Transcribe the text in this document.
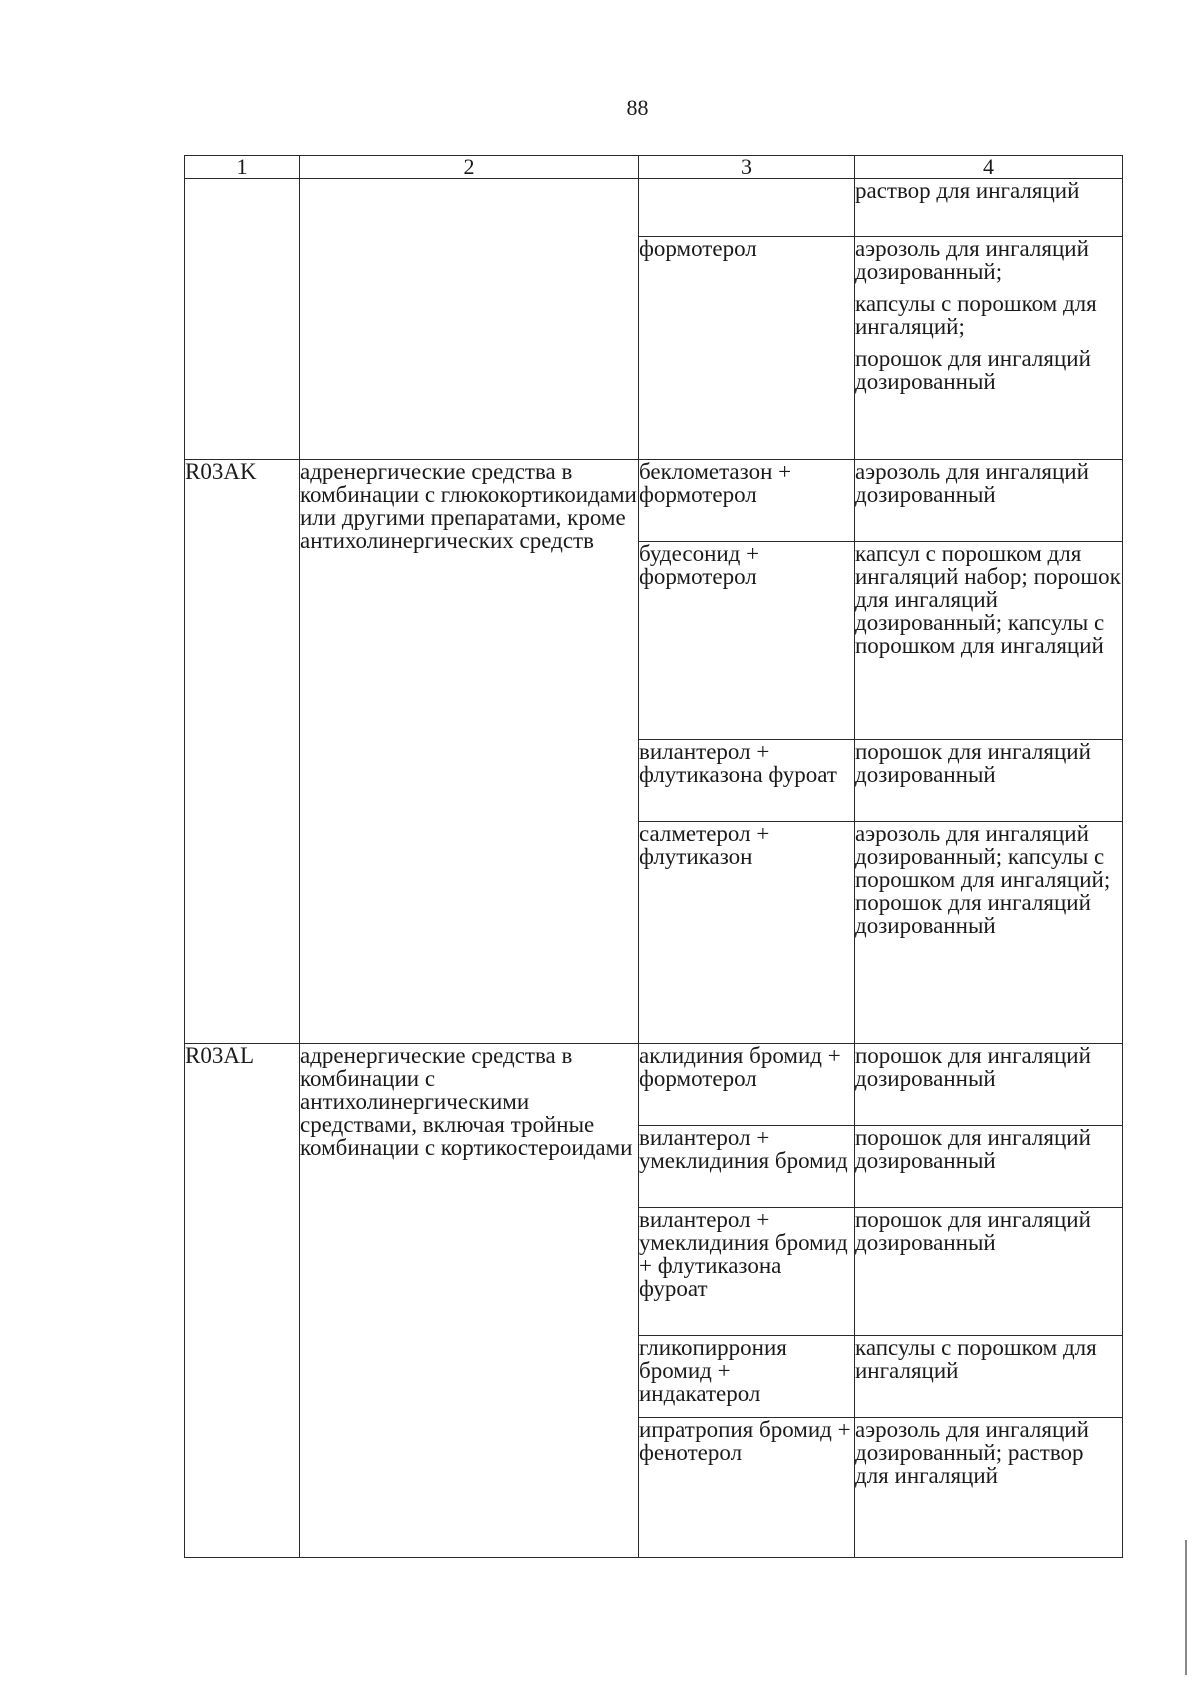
88
1	2	3	4

			раствор для ингаляций

		формотерол	аэрозоль для ингаляций дозированный;
капсулы с порошком для ингаляций;
порошок для ингаляций дозированный

R03AK	адренергические средства в комбинации с глюкокортикоидами или другими препаратами, кроме антихолинергических средств	беклометазон + формотерол	аэрозоль для ингаляций дозированный
		будесонид + формотерол	капсул с порошком для ингаляций набор; порошок для ингаляций дозированный; капсулы с порошком для ингаляций
		вилантерол + флутиказона фуроат	порошок для ингаляций дозированный
		салметерол + флутиказон	аэрозоль для ингаляций дозированный; капсулы с порошком для ингаляций; порошок для ингаляций дозированный
R03AL	адренергические средства в комбинации с антихолинергическими средствами, включая тройные комбинации с кортикостероидами	аклидиния бромид + формотерол	порошок для ингаляций дозированный
		вилантерол + умеклидиния бромид	порошок для ингаляций дозированный
		вилантерол + умеклидиния бромид + флутиказона фуроат	порошок для ингаляций дозированный
		гликопиррония бромид + индакатерол	капсулы с порошком для ингаляций
		ипратропия бромид + фенотерол	аэрозоль для ингаляций дозированный; раствор для ингаляций
